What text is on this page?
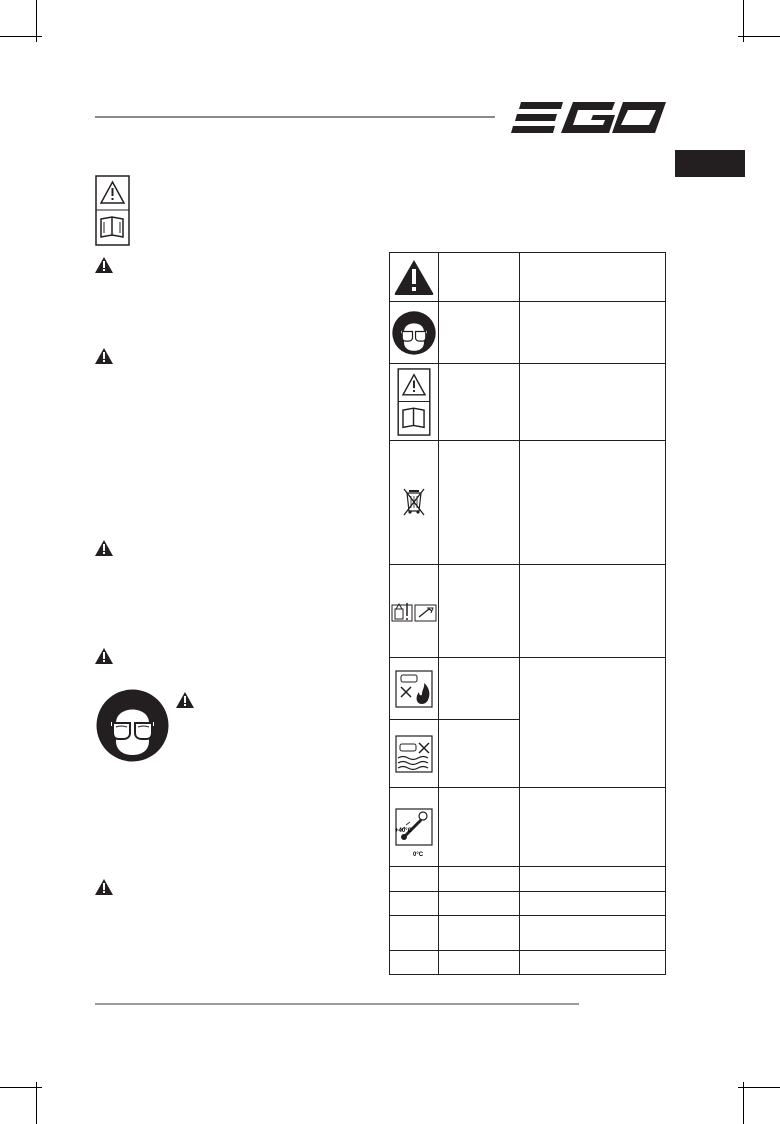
+40°C
0°C		
